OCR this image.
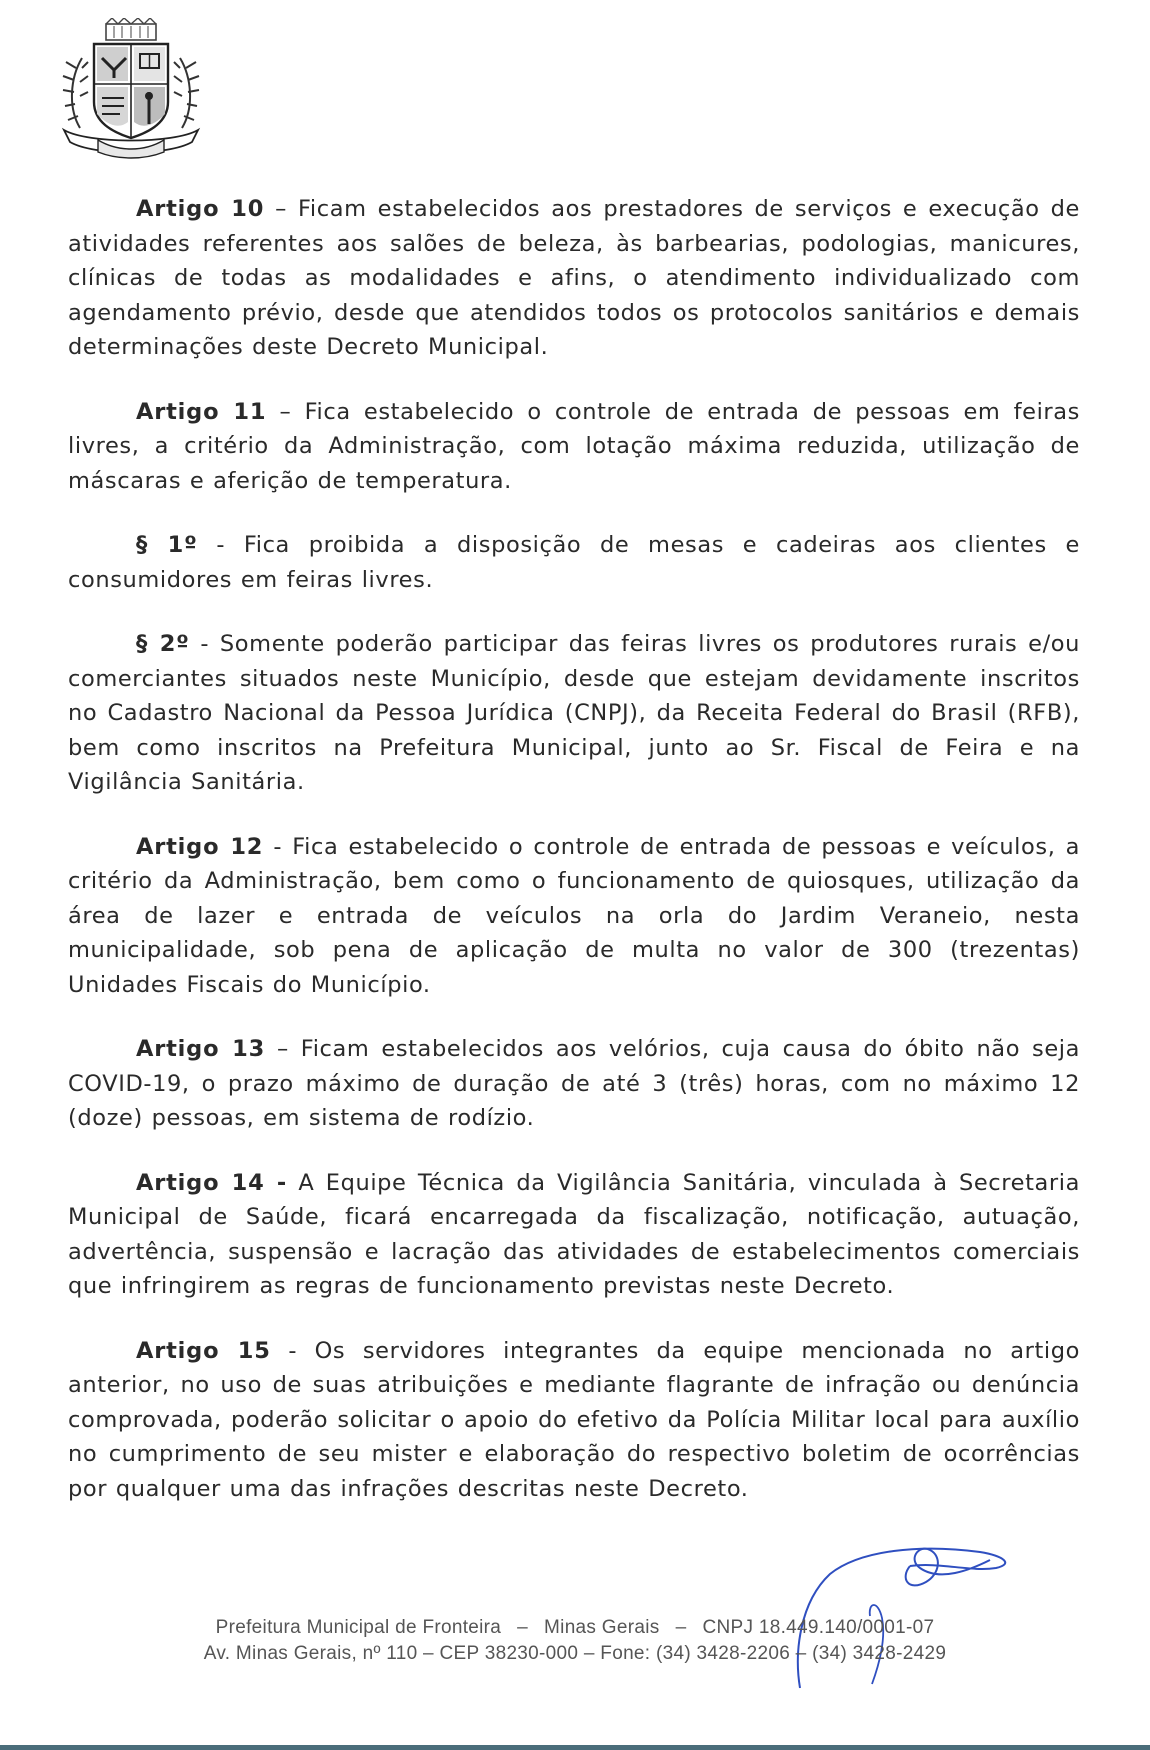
Artigo 10 – Ficam estabelecidos aos prestadores de serviços e execução de atividades referentes aos salões de beleza, às barbearias, podologias, manicures, clínicas de todas as modalidades e afins, o atendimento individualizado com agendamento prévio, desde que atendidos todos os protocolos sanitários e demais determinações deste Decreto Municipal.

Artigo 11 – Fica estabelecido o controle de entrada de pessoas em feiras livres, a critério da Administração, com lotação máxima reduzida, utilização de máscaras e aferição de temperatura.

§ 1º - Fica proibida a disposição de mesas e cadeiras aos clientes e consumidores em feiras livres.

§ 2º - Somente poderão participar das feiras livres os produtores rurais e/ou comerciantes situados neste Município, desde que estejam devidamente inscritos no Cadastro Nacional da Pessoa Jurídica (CNPJ), da Receita Federal do Brasil (RFB), bem como inscritos na Prefeitura Municipal, junto ao Sr. Fiscal de Feira e na Vigilância Sanitária.

Artigo 12 - Fica estabelecido o controle de entrada de pessoas e veículos, a critério da Administração, bem como o funcionamento de quiosques, utilização da área de lazer e entrada de veículos na orla do Jardim Veraneio, nesta municipalidade, sob pena de aplicação de multa no valor de 300 (trezentas) Unidades Fiscais do Município.

Artigo 13 – Ficam estabelecidos aos velórios, cuja causa do óbito não seja COVID-19, o prazo máximo de duração de até 3 (três) horas, com no máximo 12 (doze) pessoas, em sistema de rodízio.

Artigo 14 - A Equipe Técnica da Vigilância Sanitária, vinculada à Secretaria Municipal de Saúde, ficará encarregada da fiscalização, notificação, autuação, advertência, suspensão e lacração das atividades de estabelecimentos comerciais que infringirem as regras de funcionamento previstas neste Decreto.

Artigo 15 - Os servidores integrantes da equipe mencionada no artigo anterior, no uso de suas atribuições e mediante flagrante de infração ou denúncia comprovada, poderão solicitar o apoio do efetivo da Polícia Militar local para auxílio no cumprimento de seu mister e elaboração do respectivo boletim de ocorrências por qualquer uma das infrações descritas neste Decreto.

Prefeitura Municipal de Fronteira – Minas Gerais – CNPJ 18.449.140/0001-07
Av. Minas Gerais, nº 110 – CEP 38230-000 – Fone: (34) 3428-2206 – (34) 3428-2429
